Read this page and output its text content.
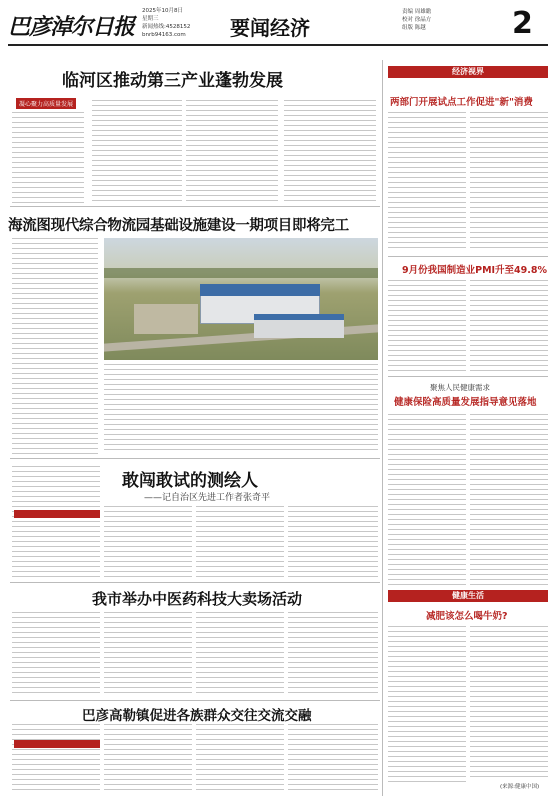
巴彦淖尔日报
2025年10月8日
星期三
新闻热线:4528152
bnrb94163.com 要闻经济
责编 周雄瞻
校对 徐晶方
组版 陈越	2
临河区推动第三产业蓬勃发展
凝心聚力高质量发展
海流图现代综合物流园基础设施建设一期项目即将完工
敢闯敢试的测绘人
——记自治区先进工作者张奇平
我市举办中医药科技大卖场活动
巴彦高勒镇促进各族群众交往交流交融
经济视界
两部门开展试点工作促进"新"消费
9月份我国制造业PMI升至49.8%
聚焦人民健康需求
健康保险高质量发展指导意见落地
健康生活
减肥该怎么喝牛奶?
(来源:健康中国)
